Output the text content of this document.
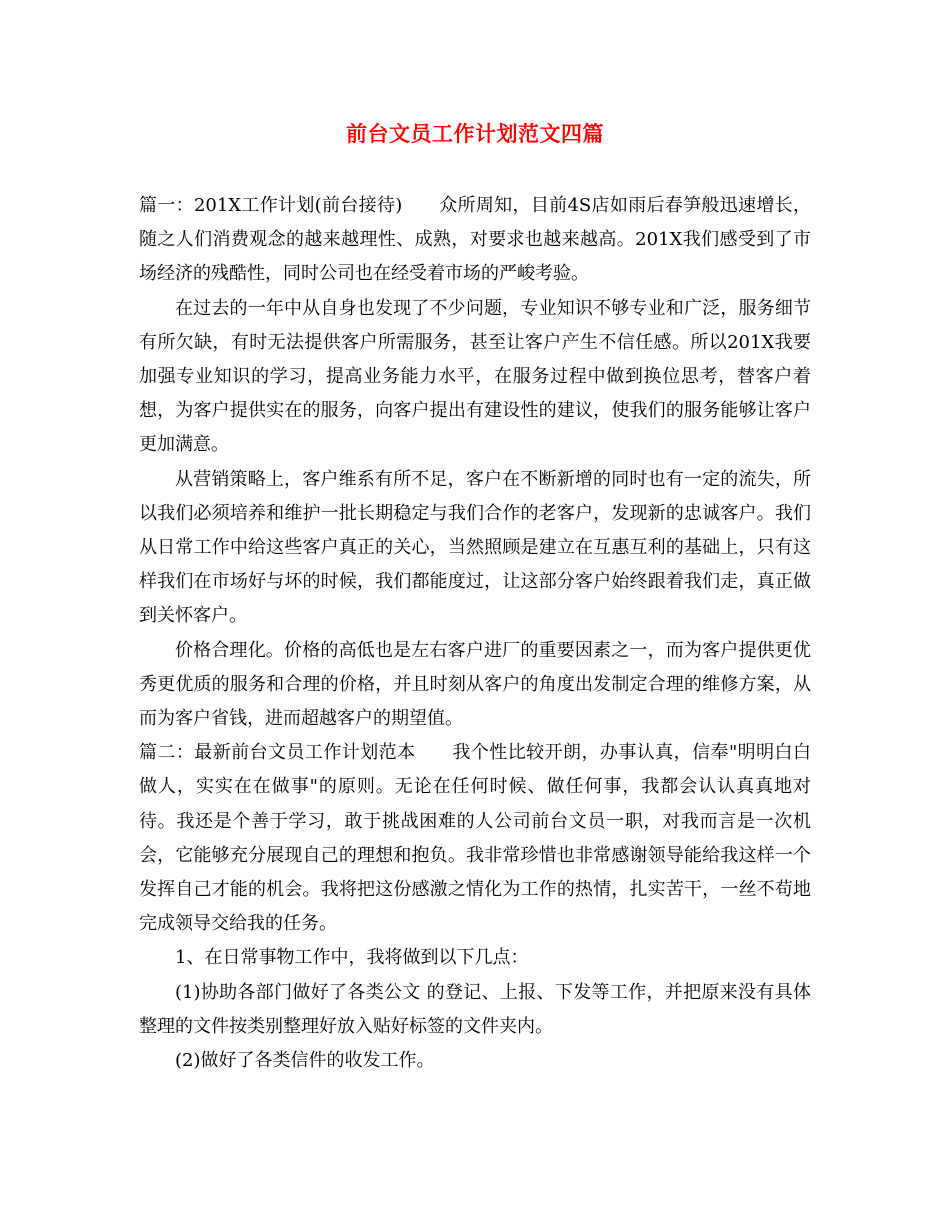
前台文员工作计划范文四篇

篇一：201X工作计划(前台接待)　　众所周知，目前4S店如雨后春笋般迅速增长，随之人们消费观念的越来越理性、成熟，对要求也越来越高。201X我们感受到了市场经济的残酷性，同时公司也在经受着市场的严峻考验。

在过去的一年中从自身也发现了不少问题，专业知识不够专业和广泛，服务细节有所欠缺，有时无法提供客户所需服务，甚至让客户产生不信任感。所以201X我要加强专业知识的学习，提高业务能力水平，在服务过程中做到换位思考，替客户着想，为客户提供实在的服务，向客户提出有建设性的建议，使我们的服务能够让客户更加满意。

从营销策略上，客户维系有所不足，客户在不断新增的同时也有一定的流失，所以我们必须培养和维护一批长期稳定与我们合作的老客户，发现新的忠诚客户。我们从日常工作中给这些客户真正的关心，当然照顾是建立在互惠互利的基础上，只有这样我们在市场好与坏的时候，我们都能度过，让这部分客户始终跟着我们走，真正做到关怀客户。

价格合理化。价格的高低也是左右客户进厂的重要因素之一，而为客户提供更优秀更优质的服务和合理的价格，并且时刻从客户的角度出发制定合理的维修方案，从而为客户省钱，进而超越客户的期望值。

篇二：最新前台文员工作计划范本　　我个性比较开朗，办事认真，信奉"明明白白做人，实实在在做事"的原则。无论在任何时候、做任何事，我都会认认真真地对待。我还是个善于学习，敢于挑战困难的人公司前台文员一职，对我而言是一次机会，它能够充分展现自己的理想和抱负。我非常珍惜也非常感谢领导能给我这样一个发挥自己才能的机会。我将把这份感激之情化为工作的热情，扎实苦干，一丝不苟地完成领导交给我的任务。

1、在日常事物工作中，我将做到以下几点：

(1)协助各部门做好了各类公文 的登记、上报、下发等工作，并把原来没有具体整理的文件按类别整理好放入贴好标签的文件夹内。

(2)做好了各类信件的收发工作。
